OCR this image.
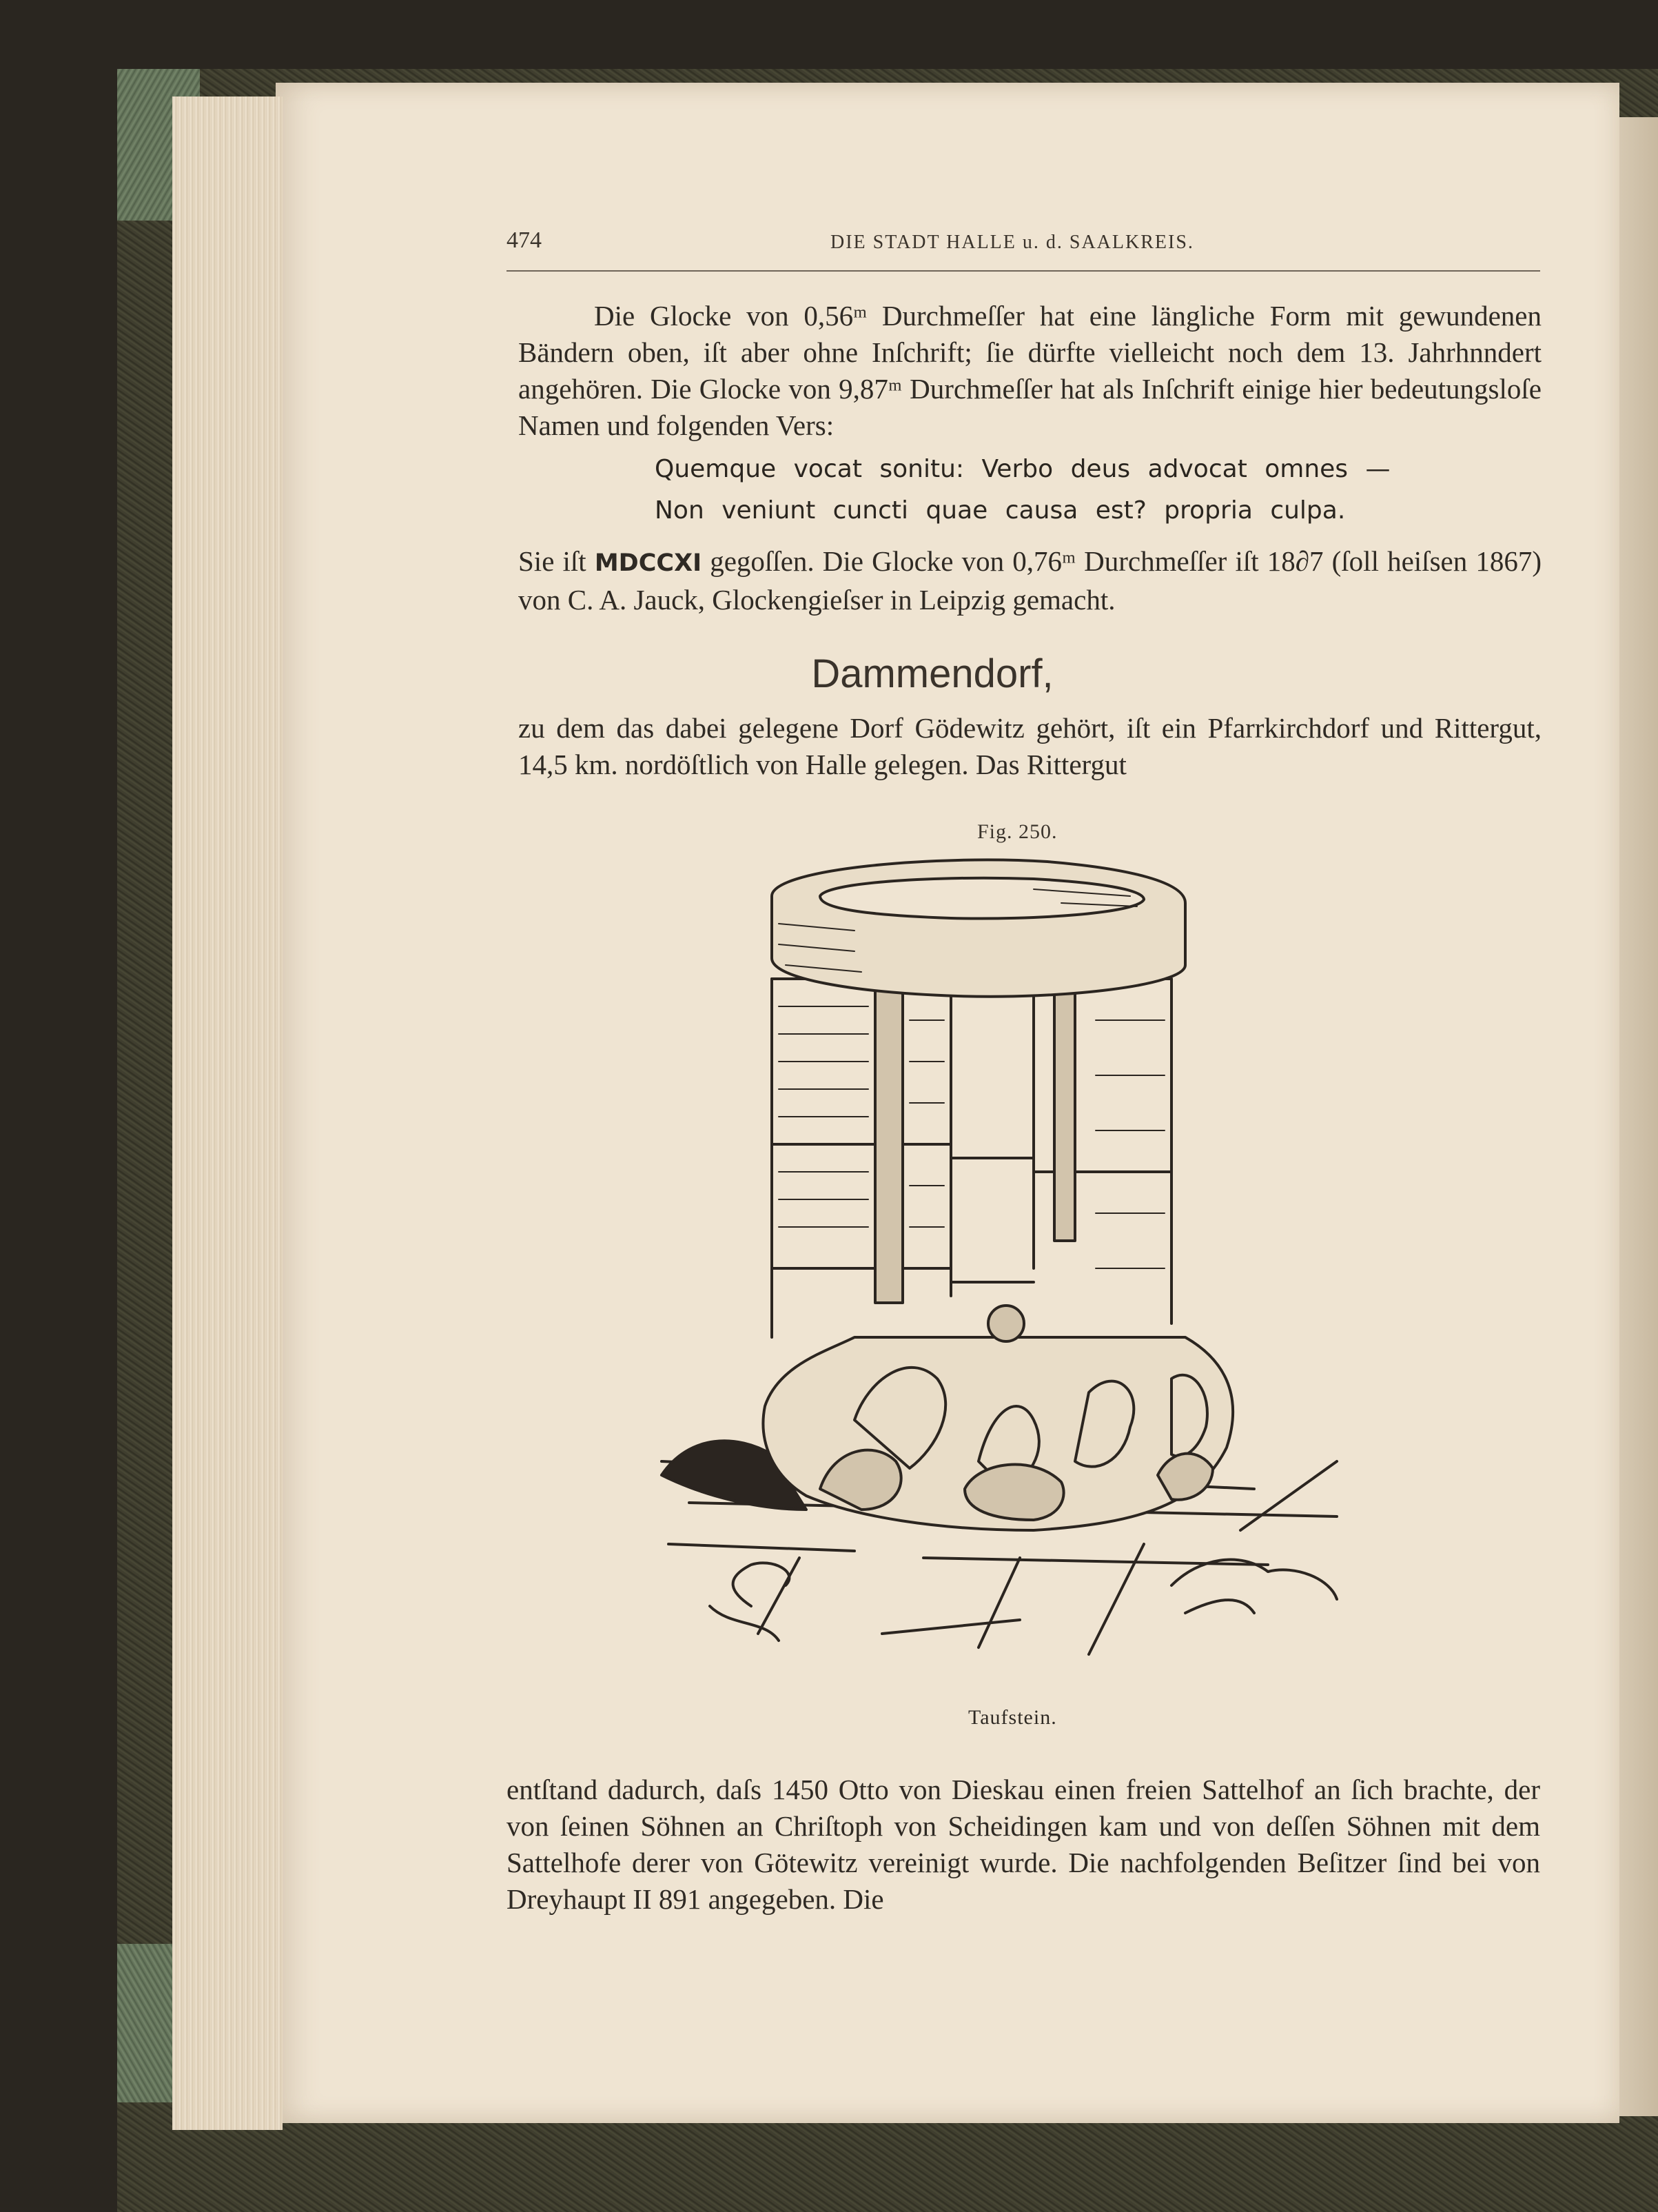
474	DIE STADT HALLE u. d. SAALKREIS.

Die Glocke von 0,56ᵐ Durchmeſſer hat eine längliche Form mit gewundenen Bändern oben, iſt aber ohne Inſchrift; ſie dürfte vielleicht noch dem 13. Jahrhnndert angehören. Die Glocke von 9,87ᵐ Durchmeſſer hat als Inſchrift einige hier bedeutungsloſe Namen und folgenden Vers:

Quemque vocat sonitu: Verbo deus advocat omnes —
Non veniunt cuncti quae causa est? propria culpa.

Sie iſt MDCCXI gegoſſen. Die Glocke von 0,76ᵐ Durchmeſſer iſt 18∂7 (ſoll heiſsen 1867) von C. A. Jauck, Glockengieſser in Leipzig gemacht.

Dammendorf,

zu dem das dabei gelegene Dorf Gödewitz gehört, iſt ein Pfarrkirchdorf und Rittergut, 14,5 km. nordöſtlich von Halle gelegen. Das Rittergut

Fig. 250.
Taufstein.

entſtand dadurch, daſs 1450 Otto von Dieskau einen freien Sattelhof an ſich brachte, der von ſeinen Söhnen an Chriſtoph von Scheidingen kam und von deſſen Söhnen mit dem Sattelhofe derer von Götewitz vereinigt wurde. Die nachfolgenden Beſitzer ſind bei von Dreyhaupt II 891 angegeben. Die
